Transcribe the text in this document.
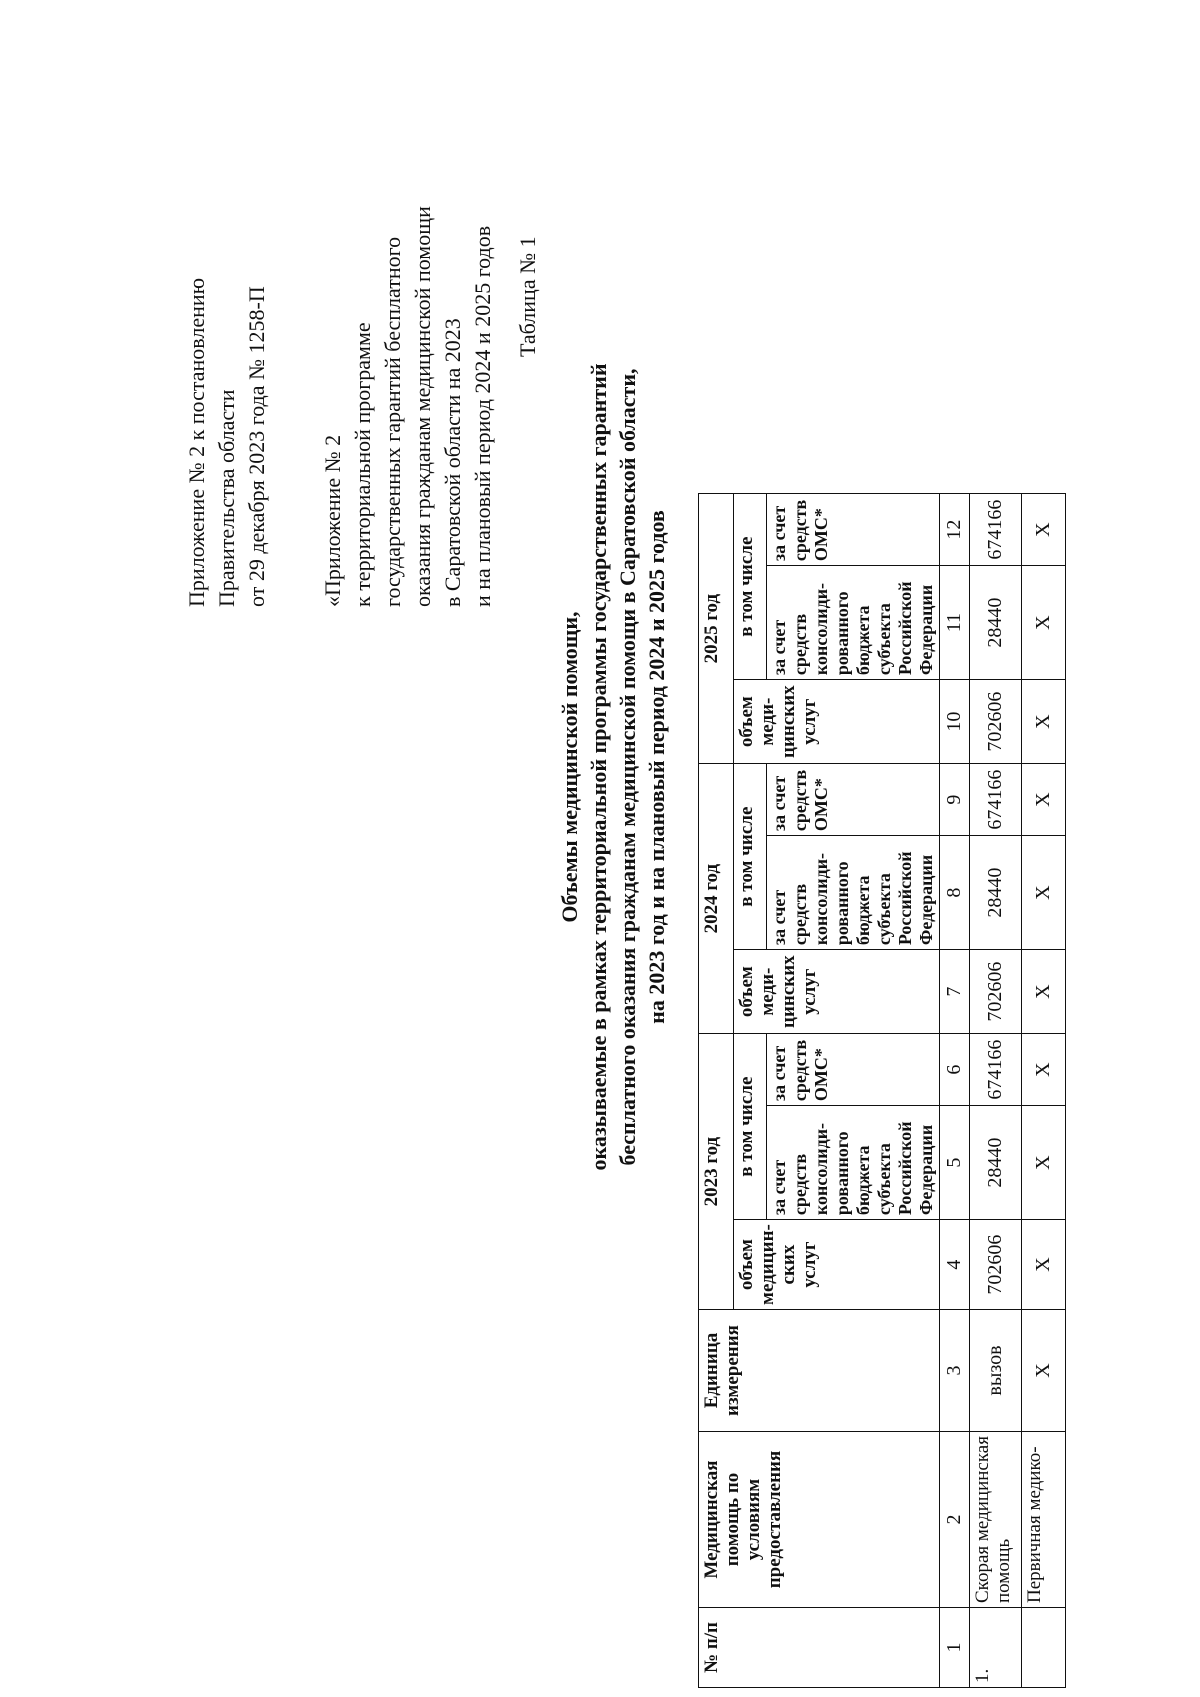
Приложение № 2 к постановлению Правительства области от 29 декабря 2023 года № 1258-П «Приложение № 2 к территориальной программе государственных гарантий бесплатного оказания гражданам медицинской помощи в Саратовской области на 2023 и на плановый период 2024 и 2025 годов Таблица № 1
Объемы медицинской помощи, оказываемые в рамках территориальной программы государственных гарантий бесплатного оказания гражданам медицинской помощи в Саратовской области, на 2023 год и на плановый период 2024 и 2025 годов
№ п/п	Медицинская помощь по условиям предоставления	Единица измерения	2023 год			2024 год			2025 год		
			объем медицин-ских услуг	в том числе		объем меди-цинских услуг	в том числе		объем меди-цинских услуг	в том числе	
				за счет средств консолиди-рованного бюджета субъекта Российской Федерации	за счет средств ОМС*		за счет средств консолиди-рованного бюджета субъекта Российской Федерации	за счет средств ОМС*		за счет средств консолиди-рованного бюджета субъекта Российской Федерации	за счет средств ОМС*
1	2	3	4	5	6	7	8	9	10	11	12
1.	Скорая медицинская помощь	вызов	702606	28440	674166	702606	28440	674166	702606	28440	674166
	Первичная медико-	X	X	X	X	X	X	X	X	X	X
